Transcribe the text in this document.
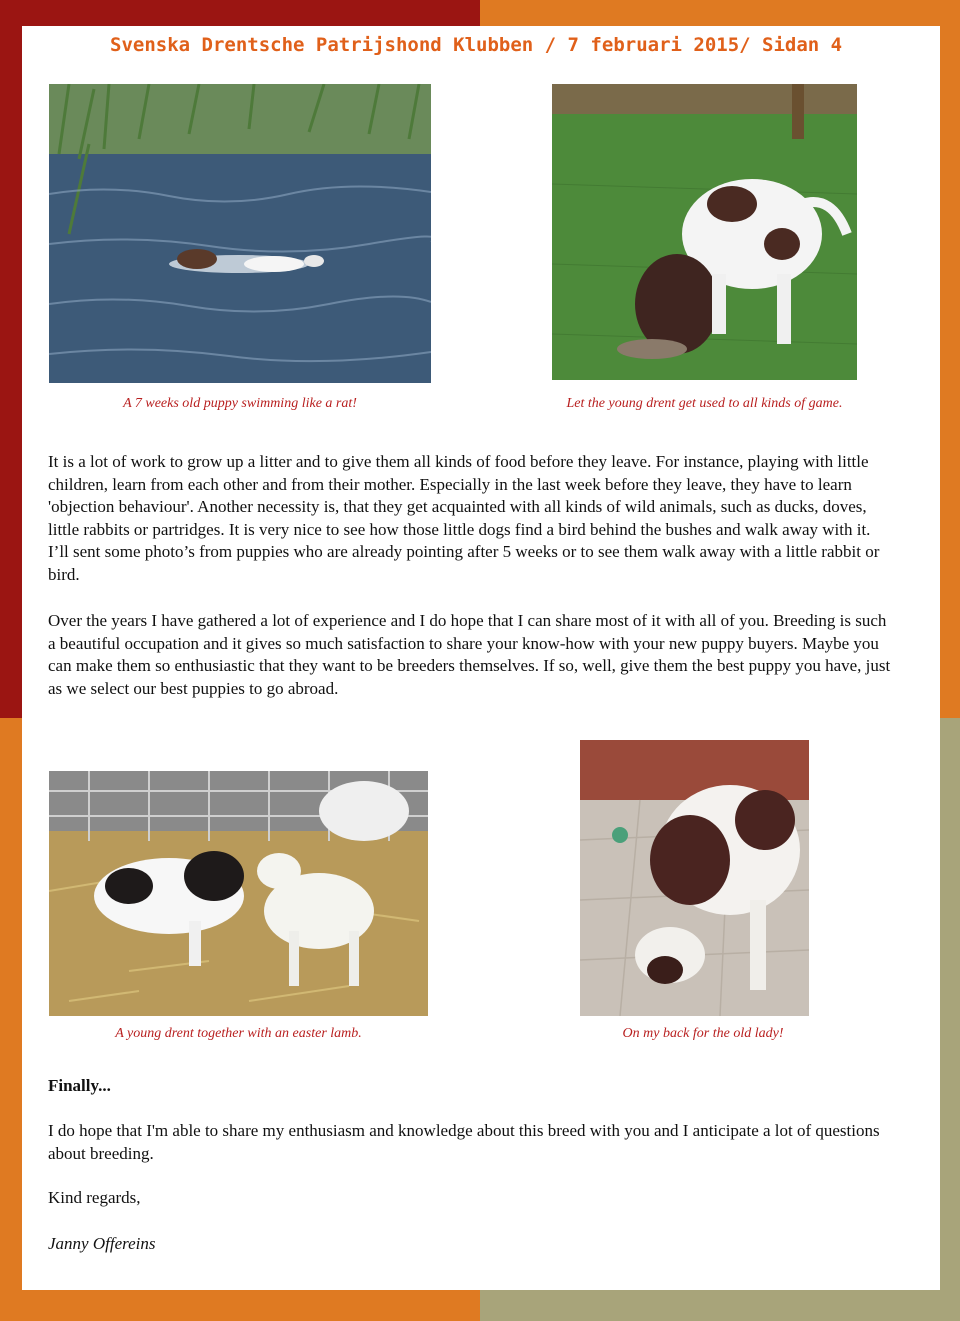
Svenska Drentsche Patrijshond Klubben / 7 februari 2015/ Sidan 4
A 7 weeks old puppy swimming like a rat!	Let the young drent get used to all kinds of game.

It is a lot of work to grow up a litter and to give them all kinds of food before they leave. For instance, playing with little children, learn from each other and from their mother. Especially in the last week before they leave, they have to learn 'objection behaviour'. Another necessity is, that they get acquainted with all kinds of wild animals, such as ducks, doves, little rabbits or partridges. It is very nice to see how those little dogs find a bird behind the bushes and walk away with it. I’ll sent some photo’s from puppies who are already pointing after 5 weeks or to see them walk away with a little rabbit or bird.

Over the years I have gathered a lot of experience and I do hope that I can share most of it with all of you. Breeding is such a beautiful occupation and it gives so much satisfaction to share your know-how with your new puppy buyers. Maybe you can make them so enthusiastic that they want to be breeders themselves. If so, well, give them the best puppy you have, just as we select our best puppies to go abroad.

A young drent together with an easter lamb.	On my back for the old lady!
Finally...

I do hope that I'm able to share my enthusiasm and knowledge about this breed with you and I anticipate a lot of questions about breeding.

Kind regards,

Janny Offereins
